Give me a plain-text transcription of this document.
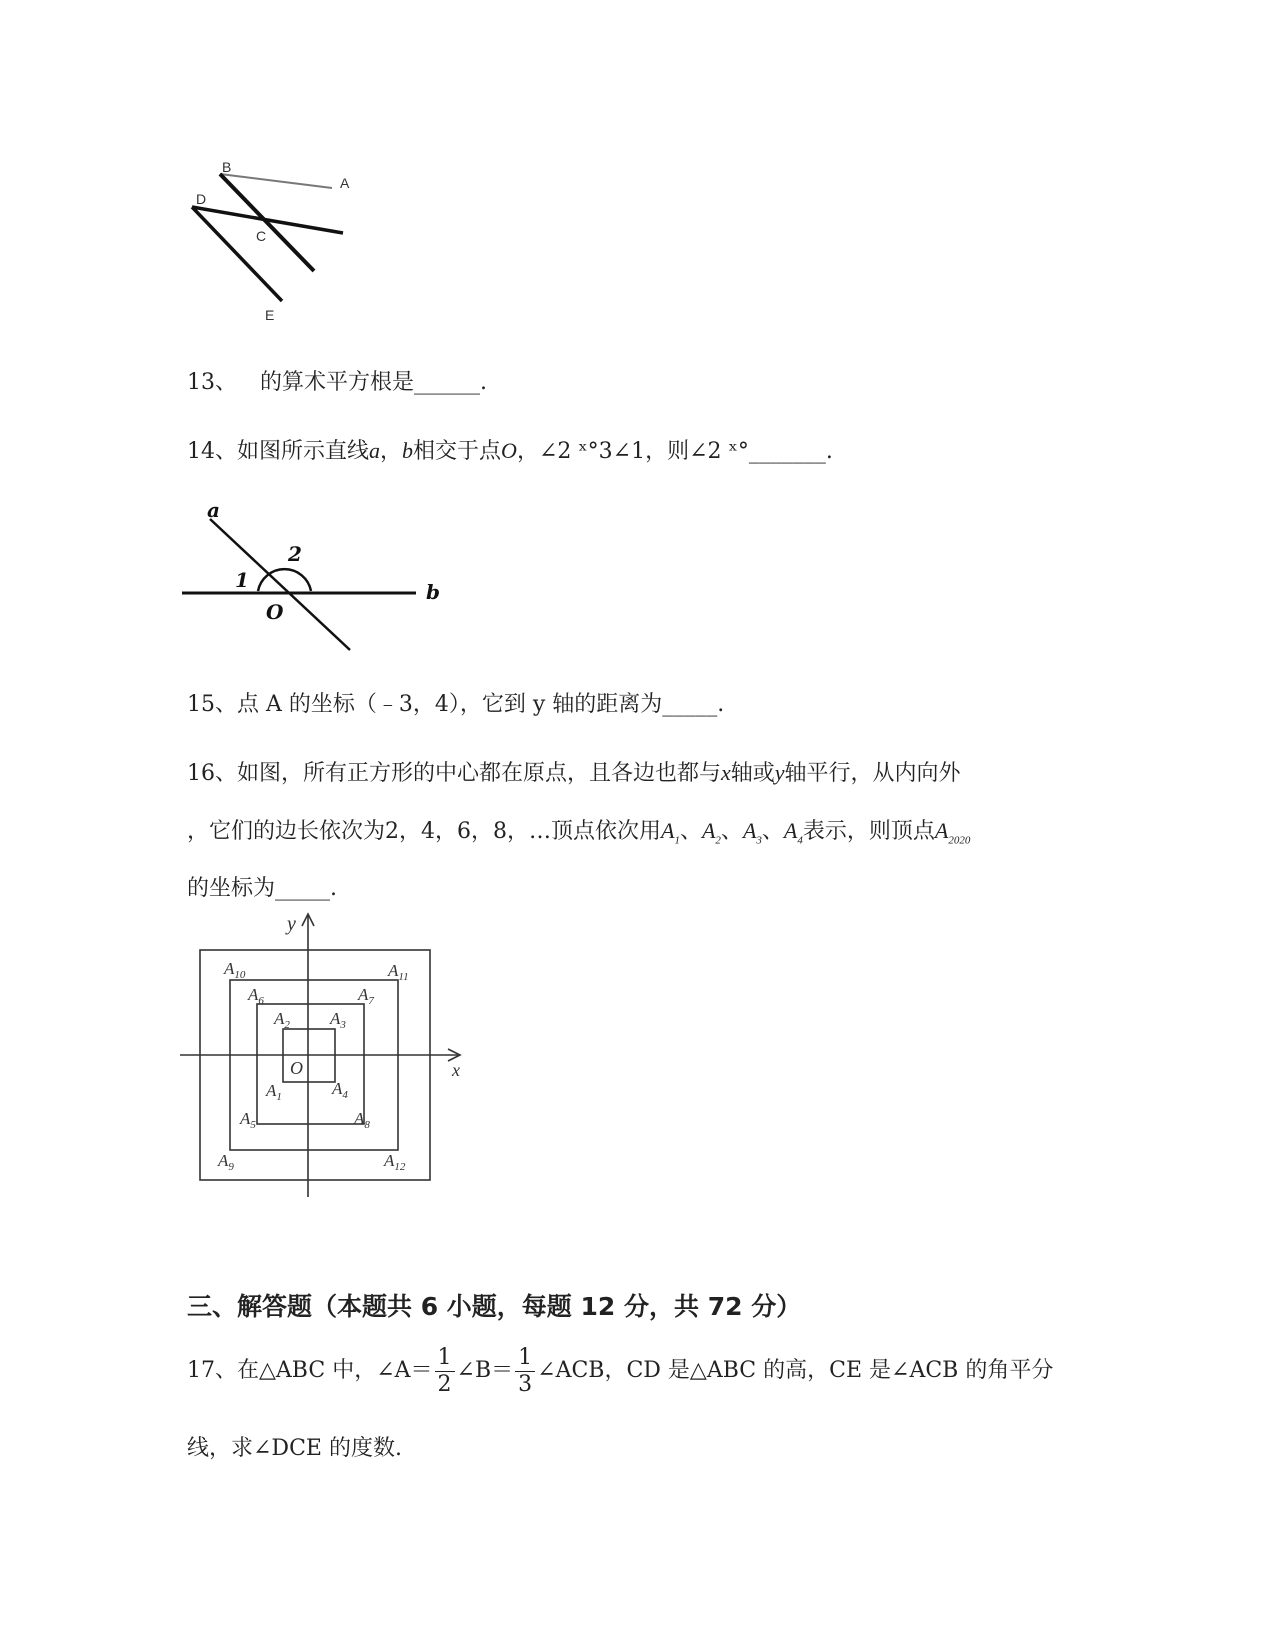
B
A
D
C
E
13、 的算术平方根是______.
14、如图所示直线a，b相交于点O，∠2 ˣ°3∠1，则∠2 ˣ°_______.
a
2
1	b
O
15、点 A 的坐标（﹣3，4），它到 y 轴的距离为_____.
16、如图，所有正方形的中心都在原点，且各边也都与x轴或y轴平行，从内向外
，它们的边长依次为2，4，6，8，…顶点依次用$A_1$、$A_2$、$A_3$、$A_4$表示，则顶点$A_{2020}$
的坐标为_____.
y
x
O
$A_{10}$	$A_{11}$
$A_6$	$A_7$
$A_2$ $A_3$
$A_1$	$A_4$
$A_5$	$A_8$
$A_9$	$A_{12}$
三、解答题（本题共 6 小题，每题 12 分，共 72 分）
17、在△ABC 中，∠A＝ $\frac{1}{2}$ ∠B＝ $\frac{1}{3}$ ∠ACB，CD 是△ABC 的高，CE 是∠ACB 的角平分
线，求∠DCE 的度数.
